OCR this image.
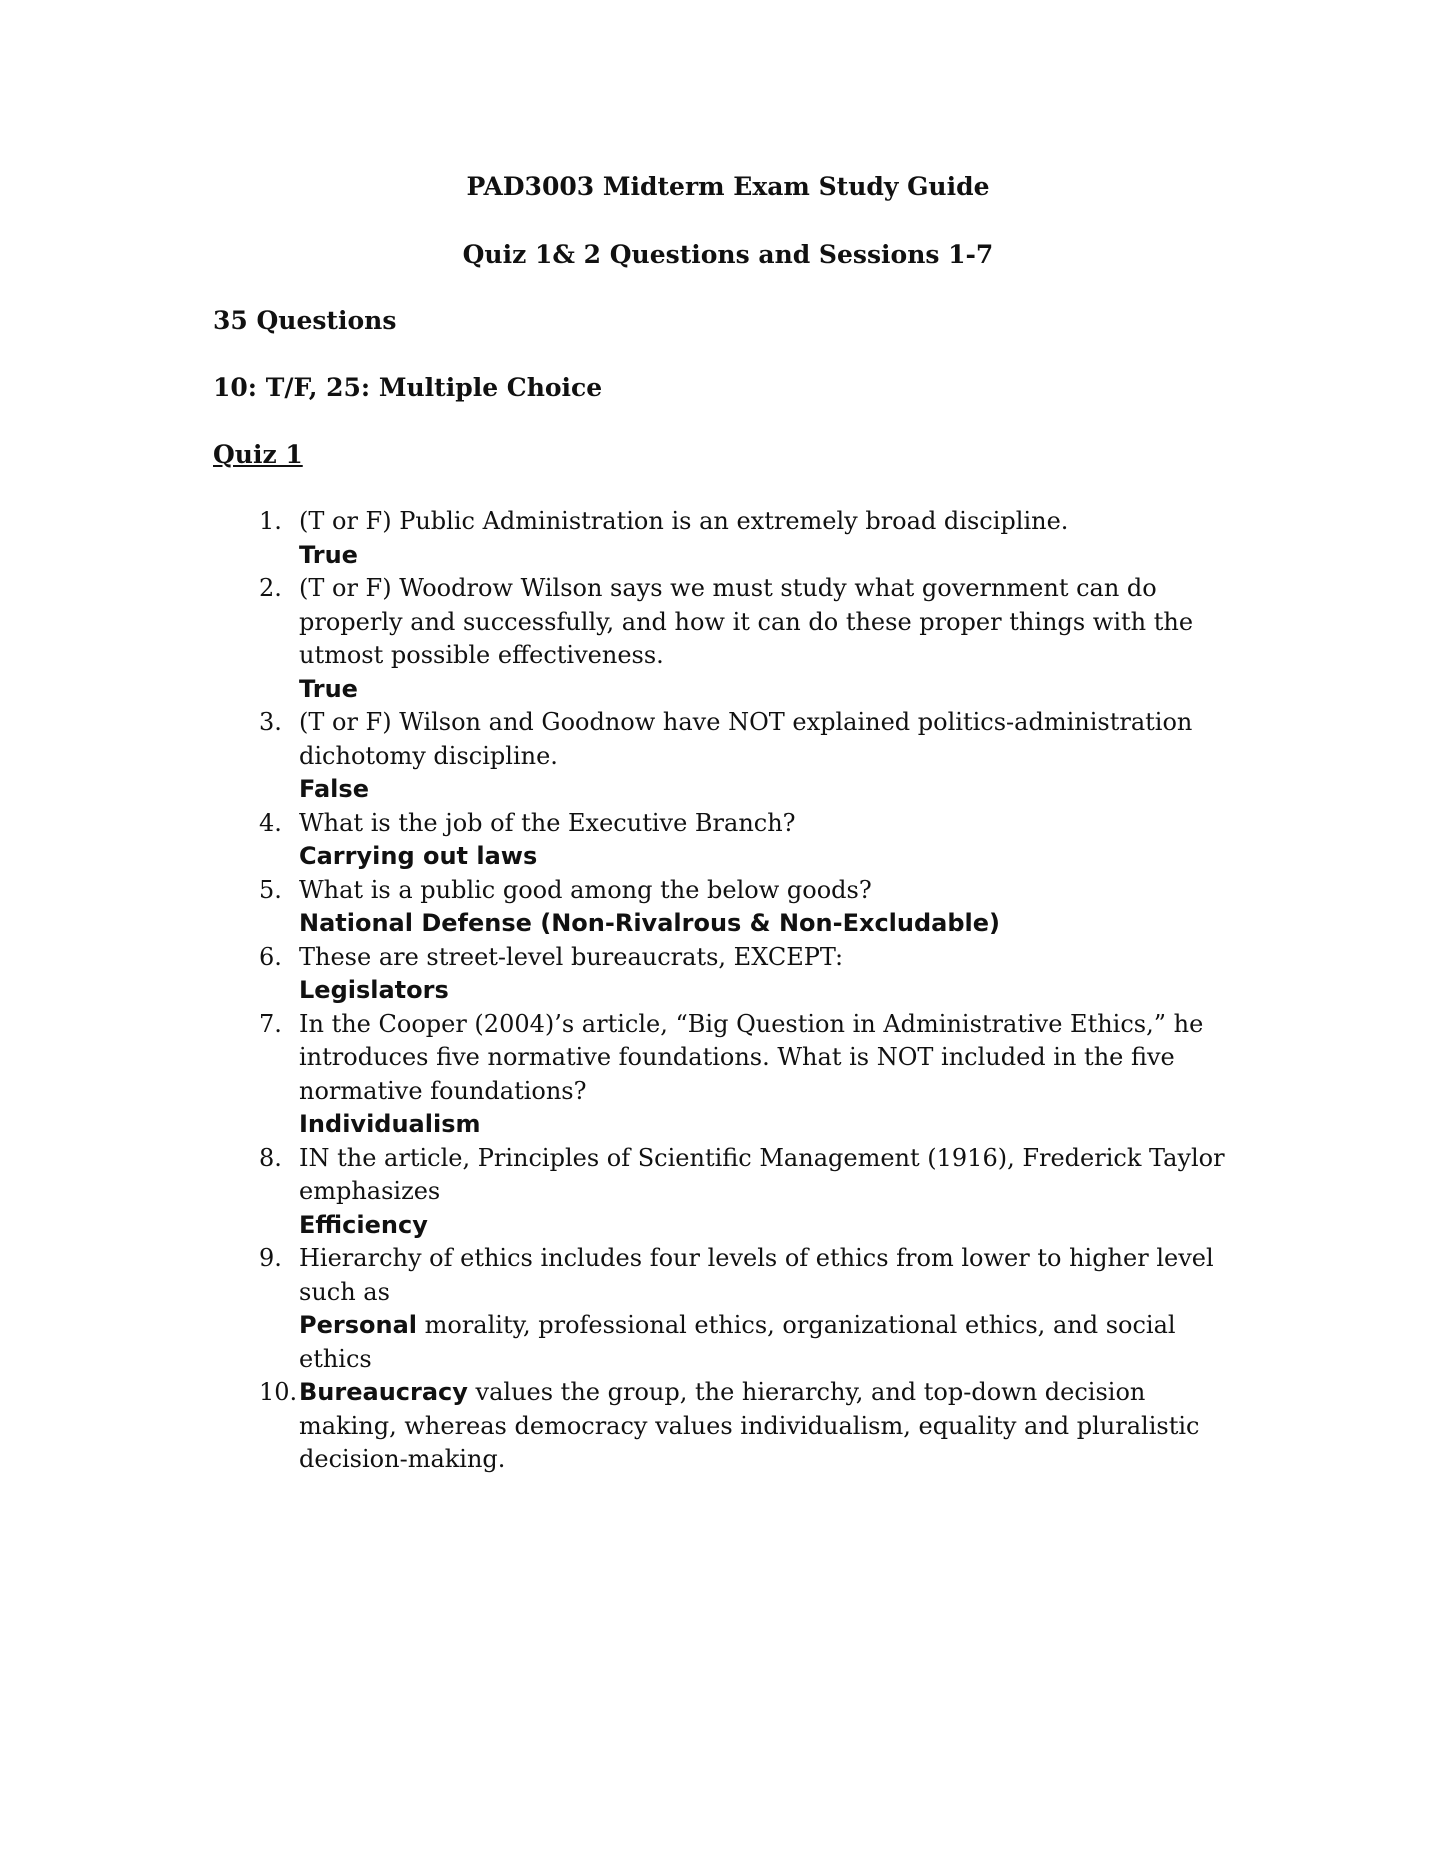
PAD3003 Midterm Exam Study Guide
Quiz 1& 2 Questions and Sessions 1-7
35 Questions
10: T/F, 25: Multiple Choice
Quiz 1
1. (T or F) Public Administration is an extremely broad discipline.
True
2. (T or F) Woodrow Wilson says we must study what government can do
properly and successfully, and how it can do these proper things with the
utmost possible effectiveness.
True
3. (T or F) Wilson and Goodnow have NOT explained politics-administration
dichotomy discipline.
False
4. What is the job of the Executive Branch?
Carrying out laws
5. What is a public good among the below goods?
National Defense (Non-Rivalrous & Non-Excludable)
6. These are street-level bureaucrats, EXCEPT:
Legislators
7. In the Cooper (2004)’s article, “Big Question in Administrative Ethics,” he
introduces five normative foundations. What is NOT included in the five
normative foundations?
Individualism
8. IN the article, Principles of Scientific Management (1916), Frederick Taylor
emphasizes
Efficiency
9. Hierarchy of ethics includes four levels of ethics from lower to higher level
such as
Personal morality, professional ethics, organizational ethics, and social
ethics
10. Bureaucracy values the group, the hierarchy, and top-down decision
making, whereas democracy values individualism, equality and pluralistic
decision-making.
